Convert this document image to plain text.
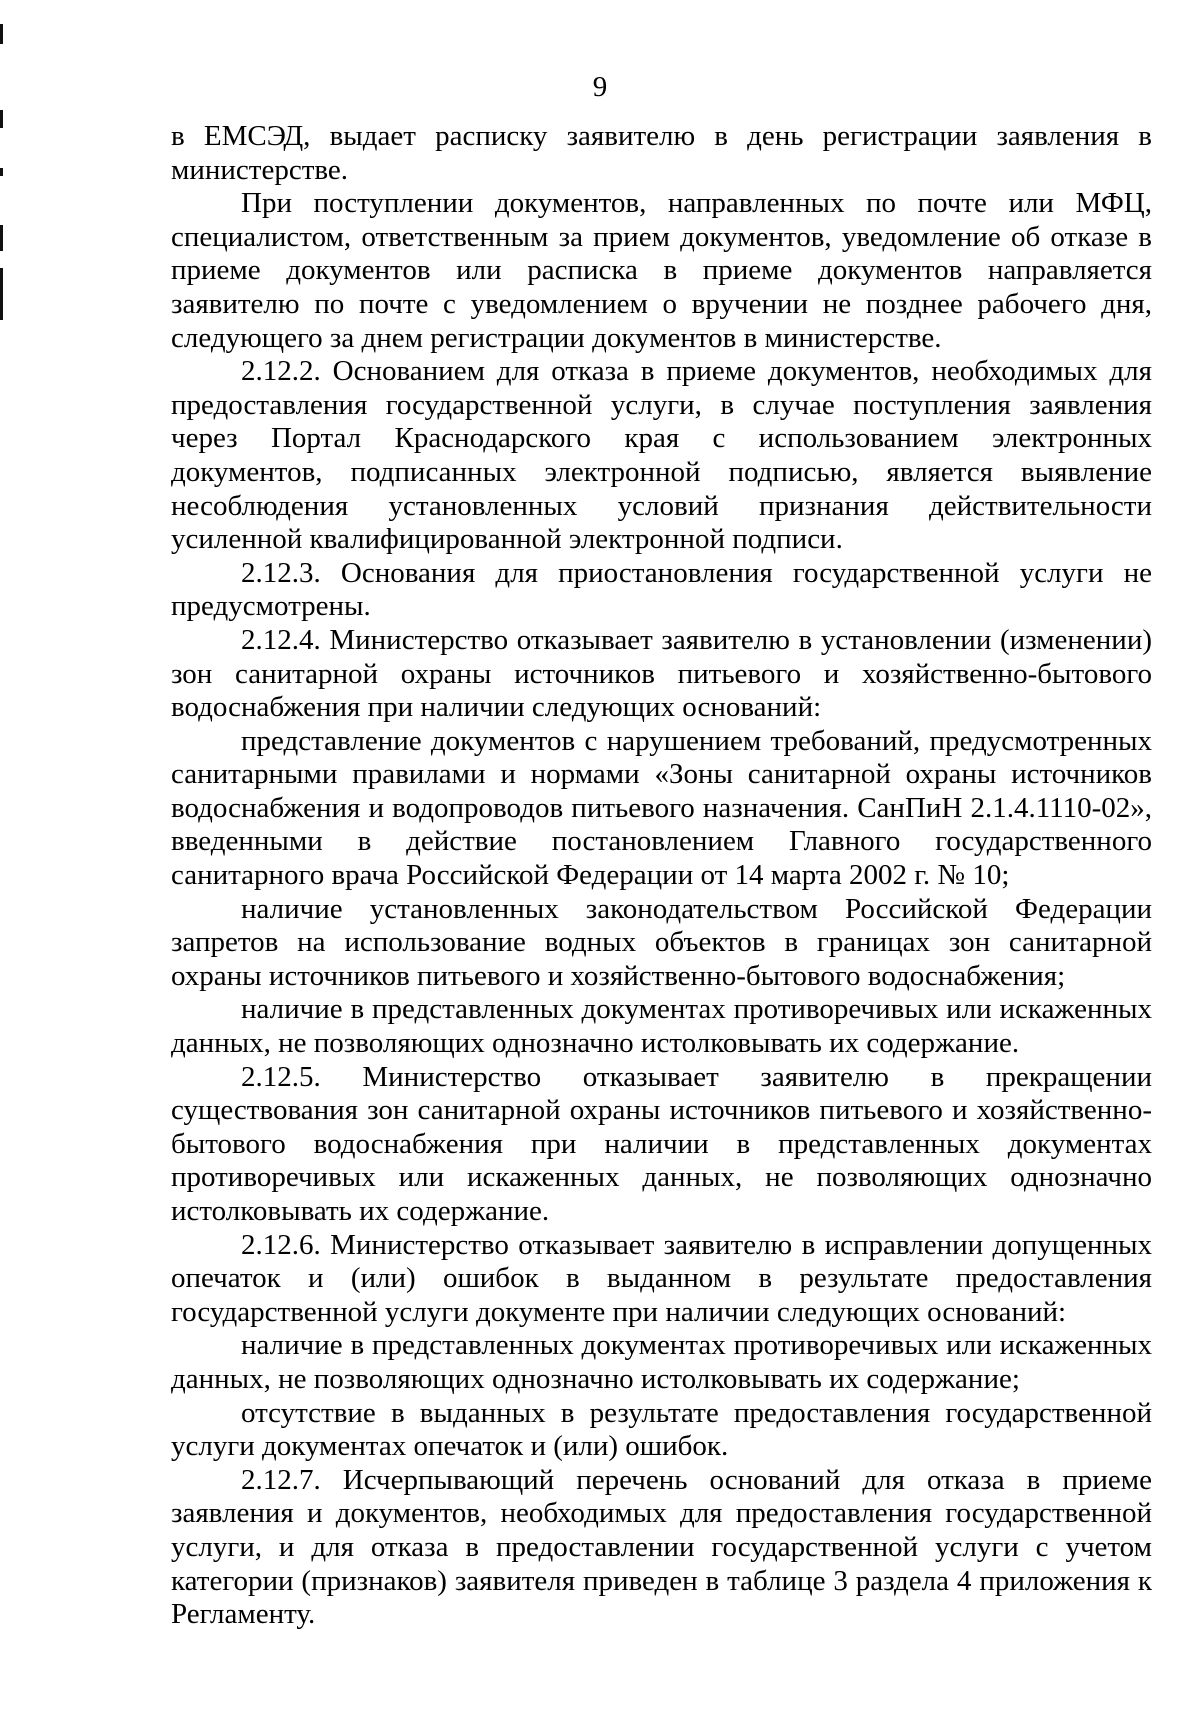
9

в ЕМСЭД, выдает расписку заявителю в день регистрации заявления в министерстве.

При поступлении документов, направленных по почте или МФЦ, специалистом, ответственным за прием документов, уведомление об отказе в приеме документов или расписка в приеме документов направляется заявителю по почте с уведомлением о вручении не позднее рабочего дня, следующего за днем регистрации документов в министерстве.

2.12.2. Основанием для отказа в приеме документов, необходимых для предоставления государственной услуги, в случае поступления заявления через Портал Краснодарского края с использованием электронных документов, подписанных электронной подписью, является выявление несоблюдения установленных условий признания действительности усиленной квалифицированной электронной подписи.

2.12.3. Основания для приостановления государственной услуги не предусмотрены.

2.12.4. Министерство отказывает заявителю в установлении (изменении) зон санитарной охраны источников питьевого и хозяйственно-бытового водоснабжения при наличии следующих оснований:

представление документов с нарушением требований, предусмотренных санитарными правилами и нормами «Зоны санитарной охраны источников водоснабжения и водопроводов питьевого назначения. СанПиН 2.1.4.1110-02», введенными в действие постановлением Главного государственного санитарного врача Российской Федерации от 14 марта 2002 г. № 10;

наличие установленных законодательством Российской Федерации запретов на использование водных объектов в границах зон санитарной охраны источников питьевого и хозяйственно-бытового водоснабжения;

наличие в представленных документах противоречивых или искаженных данных, не позволяющих однозначно истолковывать их содержание.

2.12.5. Министерство отказывает заявителю в прекращении существования зон санитарной охраны источников питьевого и хозяйственно-бытового водоснабжения при наличии в представленных документах противоречивых или искаженных данных, не позволяющих однозначно истолковывать их содержание.

2.12.6. Министерство отказывает заявителю в исправлении допущенных опечаток и (или) ошибок в выданном в результате предоставления государственной услуги документе при наличии следующих оснований:

наличие в представленных документах противоречивых или искаженных данных, не позволяющих однозначно истолковывать их содержание;

отсутствие в выданных в результате предоставления государственной услуги документах опечаток и (или) ошибок.

2.12.7. Исчерпывающий перечень оснований для отказа в приеме заявления и документов, необходимых для предоставления государственной услуги, и для отказа в предоставлении государственной услуги с учетом категории (признаков) заявителя приведен в таблице 3 раздела 4 приложения к Регламенту.
